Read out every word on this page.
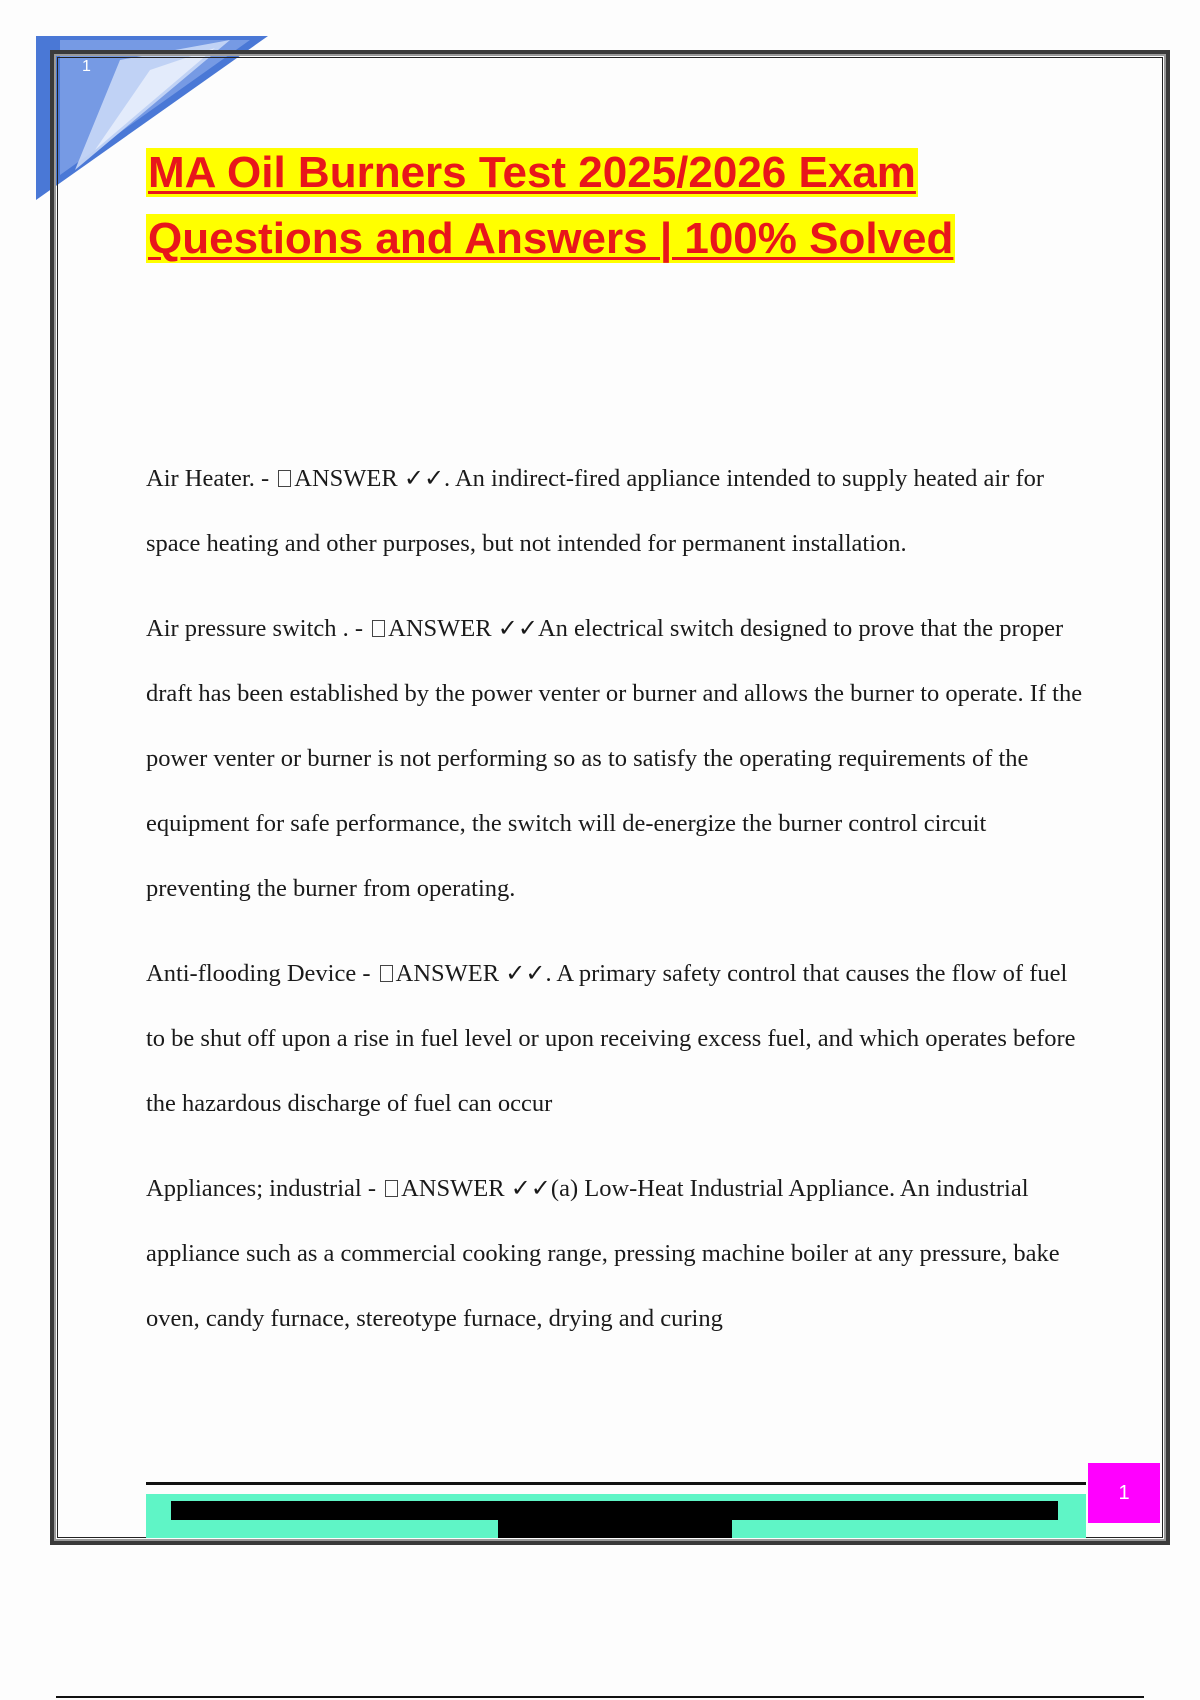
1
MA Oil Burners Test 2025/2026 Exam
Questions and Answers | 100% Solved

Air Heater. - ANSWER ✓✓. An indirect-fired appliance intended to supply heated air for space heating and other purposes, but not intended for permanent installation.

Air pressure switch . - ANSWER ✓✓An electrical switch designed to prove that the proper draft has been established by the power venter or burner and allows the burner to operate. If the power venter or burner is not performing so as to satisfy the operating requirements of the equipment for safe performance, the switch will de-energize the burner control circuit preventing the burner from operating.

Anti-flooding Device - ANSWER ✓✓. A primary safety control that causes the flow of fuel to be shut off upon a rise in fuel level or upon receiving excess fuel, and which operates before the hazardous discharge of fuel can occur

Appliances; industrial - ANSWER ✓✓(a) Low-Heat Industrial Appliance. An industrial appliance such as a commercial cooking range, pressing machine boiler at any pressure, bake oven, candy furnace, stereotype furnace, drying and curing

1
